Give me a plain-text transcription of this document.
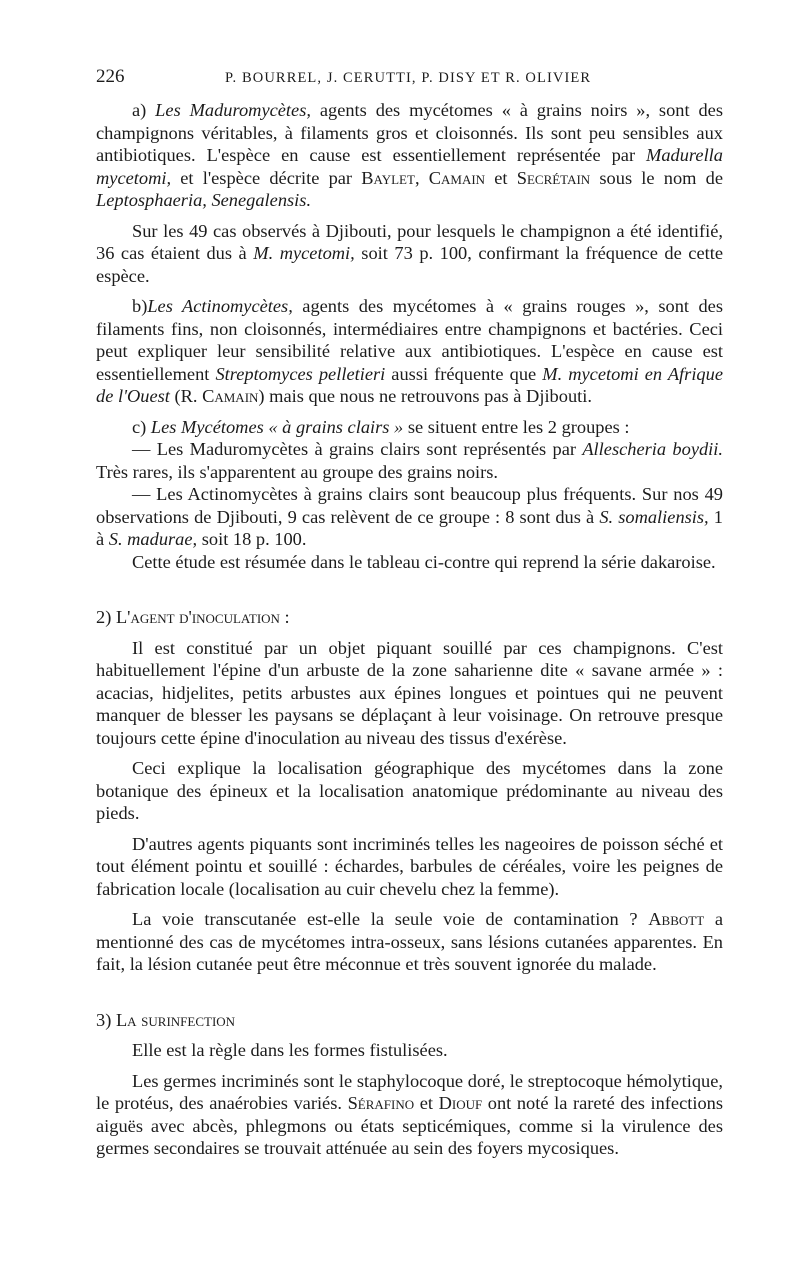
226	P. BOURREL, J. CERUTTI, P. DISY ET R. OLIVIER

a) Les Maduromycètes, agents des mycétomes « à grains noirs », sont des champignons véritables, à filaments gros et cloisonnés. Ils sont peu sensibles aux antibiotiques. L'espèce en cause est essentiellement représentée par Madurella mycetomi, et l'espèce décrite par Baylet, Camain et Secrétain sous le nom de Leptosphaeria, Senegalensis.

Sur les 49 cas observés à Djibouti, pour lesquels le champignon a été identifié, 36 cas étaient dus à M. mycetomi, soit 73 p. 100, confirmant la fréquence de cette espèce.

b)Les Actinomycètes, agents des mycétomes à « grains rouges », sont des filaments fins, non cloisonnés, intermédiaires entre champignons et bactéries. Ceci peut expliquer leur sensibilité relative aux antibiotiques. L'espèce en cause est essentiellement Streptomyces pelletieri aussi fréquente que M. mycetomi en Afrique de l'Ouest (R. Camain) mais que nous ne retrouvons pas à Djibouti.

c) Les Mycétomes « à grains clairs » se situent entre les 2 groupes :

— Les Maduromycètes à grains clairs sont représentés par Allescheria boydii. Très rares, ils s'apparentent au groupe des grains noirs.

— Les Actinomycètes à grains clairs sont beaucoup plus fréquents. Sur nos 49 observations de Djibouti, 9 cas relèvent de ce groupe : 8 sont dus à S. somaliensis, 1 à S. madurae, soit 18 p. 100.

Cette étude est résumée dans le tableau ci-contre qui reprend la série dakaroise.

2) L'agent d'inoculation :

Il est constitué par un objet piquant souillé par ces champignons. C'est habituellement l'épine d'un arbuste de la zone saharienne dite « savane armée » : acacias, hidjelites, petits arbustes aux épines longues et pointues qui ne peuvent manquer de blesser les paysans se déplaçant à leur voisinage. On retrouve presque toujours cette épine d'inoculation au niveau des tissus d'exérèse.

Ceci explique la localisation géographique des mycétomes dans la zone botanique des épineux et la localisation anatomique prédominante au niveau des pieds.

D'autres agents piquants sont incriminés telles les nageoires de poisson séché et tout élément pointu et souillé : échardes, barbules de céréales, voire les peignes de fabrication locale (localisation au cuir chevelu chez la femme).

La voie transcutanée est-elle la seule voie de contamination ? Abbott a mentionné des cas de mycétomes intra-osseux, sans lésions cutanées apparentes. En fait, la lésion cutanée peut être méconnue et très souvent ignorée du malade.

3) La surinfection

Elle est la règle dans les formes fistulisées.

Les germes incriminés sont le staphylocoque doré, le streptocoque hémolytique, le protéus, des anaérobies variés. Sérafino et Diouf ont noté la rareté des infections aiguës avec abcès, phlegmons ou états septicémiques, comme si la virulence des germes secondaires se trouvait atténuée au sein des foyers mycosiques.
